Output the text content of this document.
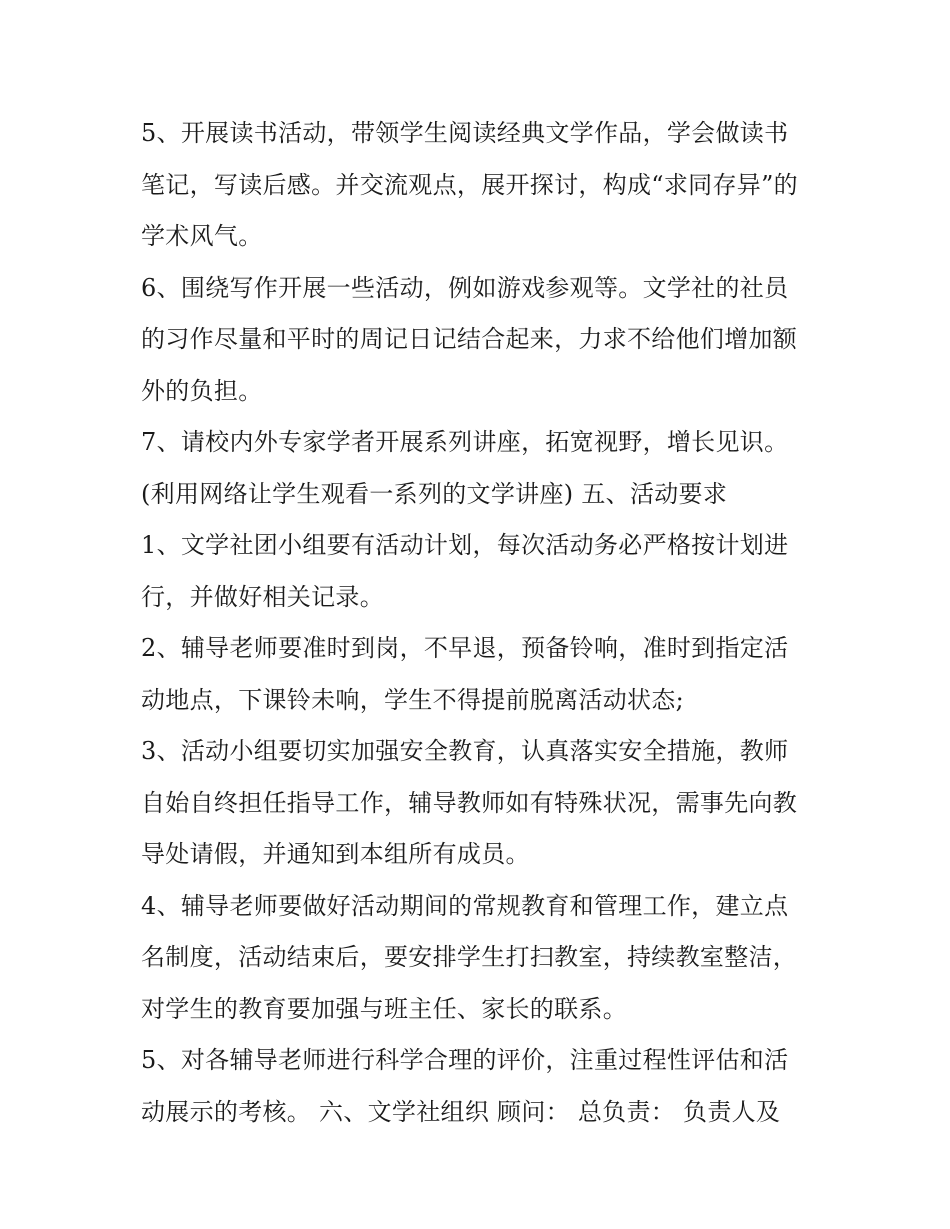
5、开展读书活动，带领学生阅读经典文学作品，学会做读书
笔记，写读后感。并交流观点，展开探讨，构成“求同存异”的
学术风气。
6、围绕写作开展一些活动，例如游戏参观等。文学社的社员
的习作尽量和平时的周记日记结合起来，力求不给他们增加额
外的负担。
7、请校内外专家学者开展系列讲座，拓宽视野，增长见识。
(利用网络让学生观看一系列的文学讲座) 五、活动要求
1、文学社团小组要有活动计划，每次活动务必严格按计划进
行，并做好相关记录。
2、辅导老师要准时到岗，不早退，预备铃响，准时到指定活
动地点，下课铃未响，学生不得提前脱离活动状态;
3、活动小组要切实加强安全教育，认真落实安全措施，教师
自始自终担任指导工作，辅导教师如有特殊状况，需事先向教
导处请假，并通知到本组所有成员。
4、辅导老师要做好活动期间的常规教育和管理工作，建立点
名制度，活动结束后，要安排学生打扫教室，持续教室整洁，
对学生的教育要加强与班主任、家长的联系。
5、对各辅导老师进行科学合理的评价，注重过程性评估和活
动展示的考核。 六、文学社组织 顾问： 总负责： 负责人及
